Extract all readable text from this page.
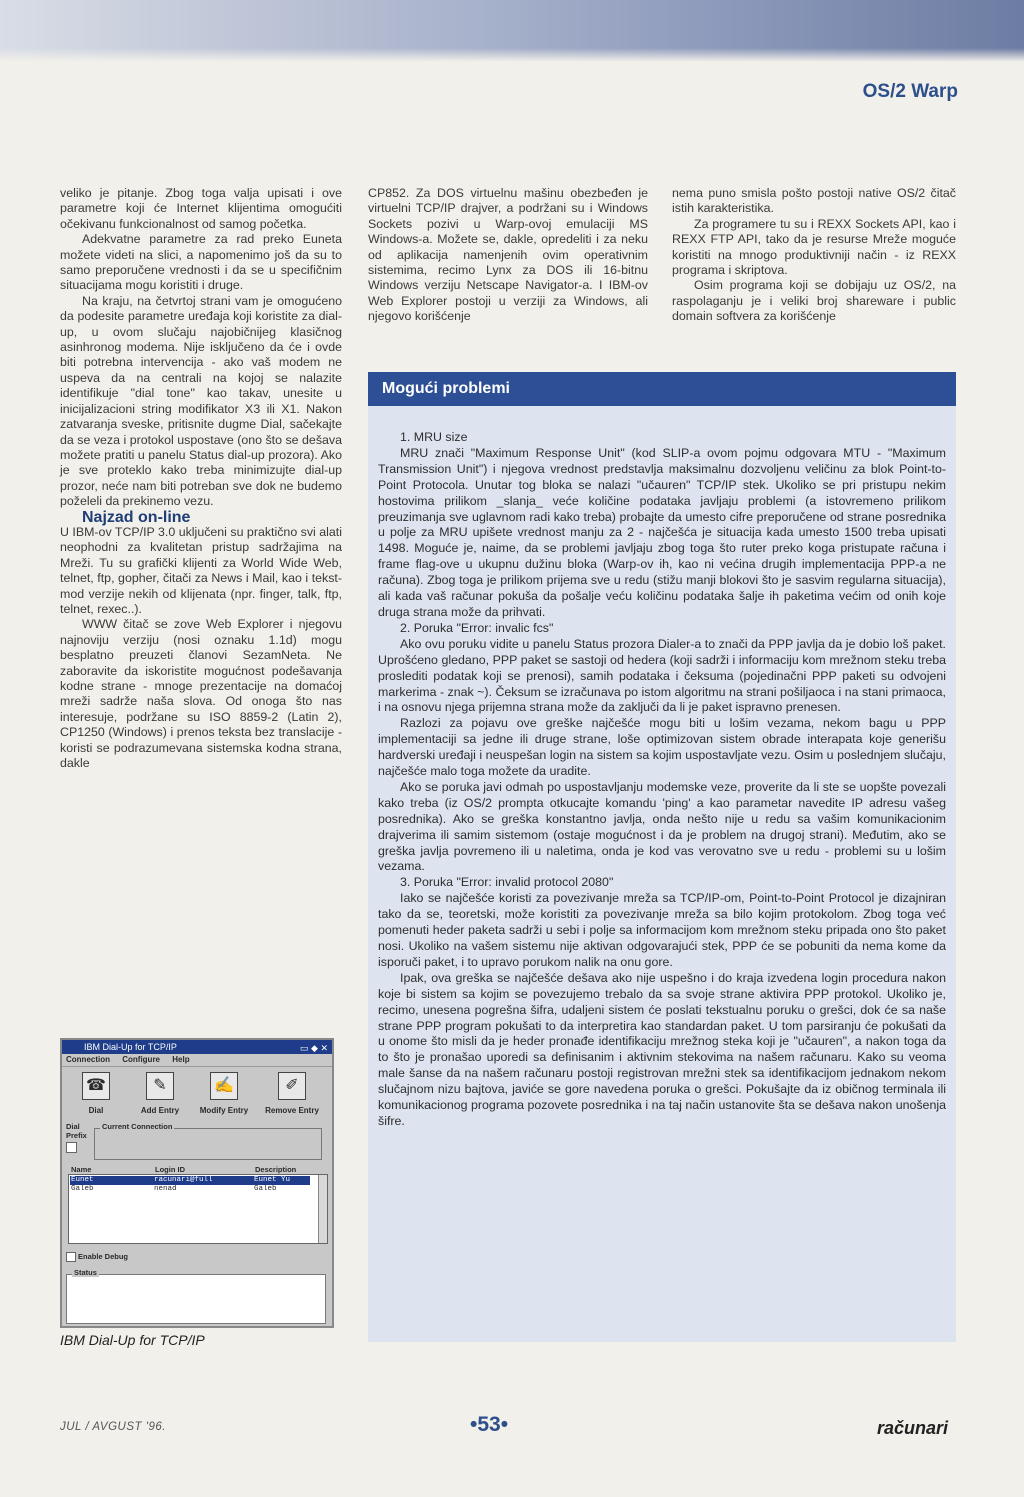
OS/2 Warp

veliko je pitanje. Zbog toga valja upisati i ove parametre koji će Internet klijentima omogućiti očekivanu funkcionalnost od samog početka.

Adekvatne parametre za rad preko Euneta možete videti na slici, a napomenimo još da su to samo preporučene vrednosti i da se u specifičnim situacijama mogu koristiti i druge.

Na kraju, na četvrtoj strani vam je omogućeno da podesite parametre uređaja koji koristite za dial-up, u ovom slučaju najobičnijeg klasičnog asinhronog modema. Nije isključeno da će i ovde biti potrebna intervencija - ako vaš modem ne uspeva da na centrali na kojoj se nalazite identifikuje "dial tone" kao takav, unesite u inicijalizacioni string modifikator X3 ili X1. Nakon zatvaranja sveske, pritisnite dugme Dial, sačekajte da se veza i protokol uspostave (ono što se dešava možete pratiti u panelu Status dial-up prozora). Ako je sve proteklo kako treba minimizujte dial-up prozor, neće nam biti potreban sve dok ne budemo poželeli da prekinemo vezu.

Najzad on-line

U IBM-ov TCP/IP 3.0 uključeni su praktično svi alati neophodni za kvalitetan pristup sadržajima na Mreži. Tu su grafički klijenti za World Wide Web, telnet, ftp, gopher, čitači za News i Mail, kao i tekst-mod verzije nekih od klijenata (npr. finger, talk, ftp, telnet, rexec..).

WWW čitač se zove Web Explorer i njegovu najnoviju verziju (nosi oznaku 1.1d) mogu besplatno preuzeti članovi SezamNeta. Ne zaboravite da iskoristite mogućnost podešavanja kodne strane - mnoge prezentacije na domaćoj mreži sadrže naša slova. Od onoga što nas interesuje, podržane su ISO 8859-2 (Latin 2), CP1250 (Windows) i prenos teksta bez translacije - koristi se podrazumevana sistemska kodna strana, dakle

CP852. Za DOS virtuelnu mašinu obezbeđen je virtuelni TCP/IP drajver, a podržani su i Windows Sockets pozivi u Warp-ovoj emulaciji MS Windows-a. Možete se, dakle, opredeliti i za neku od aplikacija namenjenih ovim operativnim sistemima, recimo Lynx za DOS ili 16-bitnu Windows verziju Netscape Navigator-a. I IBM-ov Web Explorer postoji u verziji za Windows, ali njegovo korišćenje

nema puno smisla pošto postoji native OS/2 čitač istih karakteristika.

Za programere tu su i REXX Sockets API, kao i REXX FTP API, tako da je resurse Mreže moguće koristiti na mnogo produktivniji način - iz REXX programa i skriptova.

Osim programa koji se dobijaju uz OS/2, na raspolaganju je i veliki broj shareware i public domain softvera za korišćenje

Mogući problemi

1. MRU size

MRU znači "Maximum Response Unit" (kod SLIP-a ovom pojmu odgovara MTU - "Maximum Transmission Unit") i njegova vrednost predstavlja maksimalnu dozvoljenu veličinu za blok Point-to-Point Protocola. Unutar tog bloka se nalazi "učauren" TCP/IP stek. Ukoliko se pri pristupu nekim hostovima prilikom _slanja_ veće količine podataka javljaju problemi (a istovremeno prilikom preuzimanja sve uglavnom radi kako treba) probajte da umesto cifre preporučene od strane posrednika u polje za MRU upišete vrednost manju za 2 - najčešća je situacija kada umesto 1500 treba upisati 1498. Moguće je, naime, da se problemi javljaju zbog toga što ruter preko koga pristupate računa i frame flag-ove u ukupnu dužinu bloka (Warp-ov ih, kao ni većina drugih implementacija PPP-a ne računa). Zbog toga je prilikom prijema sve u redu (stižu manji blokovi što je sasvim regularna situacija), ali kada vaš računar pokuša da pošalje veću količinu podataka šalje ih paketima većim od onih koje druga strana može da prihvati.

2. Poruka "Error: invalic fcs"

Ako ovu poruku vidite u panelu Status prozora Dialer-a to znači da PPP javlja da je dobio loš paket. Uprošćeno gledano, PPP paket se sastoji od hedera (koji sadrži i informaciju kom mrežnom steku treba proslediti podatak koji se prenosi), samih podataka i čeksuma (pojedinačni PPP paketi su odvojeni markerima - znak ~). Čeksum se izračunava po istom algoritmu na strani pošiljaoca i na stani primaoca, i na osnovu njega prijemna strana može da zaključi da li je paket ispravno prenesen.

Razlozi za pojavu ove greške najčešće mogu biti u lošim vezama, nekom bagu u PPP implementaciji sa jedne ili druge strane, loše optimizovan sistem obrade interapata koje generišu hardverski uređaji i neuspešan login na sistem sa kojim uspostavljate vezu. Osim u poslednjem slučaju, najčešće malo toga možete da uradite.

Ako se poruka javi odmah po uspostavljanju modemske veze, proverite da li ste se uopšte povezali kako treba (iz OS/2 prompta otkucajte komandu 'ping' a kao parametar navedite IP adresu vašeg posrednika). Ako se greška konstantno javlja, onda nešto nije u redu sa vašim komunikacionim drajverima ili samim sistemom (ostaje mogućnost i da je problem na drugoj strani). Međutim, ako se greška javlja povremeno ili u naletima, onda je kod vas verovatno sve u redu - problemi su u lošim vezama.

3. Poruka "Error: invalid protocol 2080"

Iako se najčešće koristi za povezivanje mreža sa TCP/IP-om, Point-to-Point Protocol je dizajniran tako da se, teoretski, može koristiti za povezivanje mreža sa bilo kojim protokolom. Zbog toga već pomenuti heder paketa sadrži u sebi i polje sa informacijom kom mrežnom steku pripada ono što paket nosi. Ukoliko na vašem sistemu nije aktivan odgovarajući stek, PPP će se pobuniti da nema kome da isporuči paket, i to upravo porukom nalik na onu gore.

Ipak, ova greška se najčešće dešava ako nije uspešno i do kraja izvedena login procedura nakon koje bi sistem sa kojim se povezujemo trebalo da sa svoje strane aktivira PPP protokol. Ukoliko je, recimo, unesena pogrešna šifra, udaljeni sistem će poslati tekstualnu poruku o grešci, dok će sa naše strane PPP program pokušati to da interpretira kao standardan paket. U tom parsiranju će pokušati da u onome što misli da je heder pronađe identifikaciju mrežnog steka koji je "učauren", a nakon toga da to što je pronašao uporedi sa definisanim i aktivnim stekovima na našem računaru. Kako su veoma male šanse da na našem računaru postoji registrovan mrežni stek sa identifikacijom jednakom nekom slučajnom nizu bajtova, javiće se gore navedena poruka o grešci. Pokušajte da iz običnog terminala ili komunikacionog programa pozovete posrednika i na taj način ustanovite šta se dešava nakon unošenja šifre.

IBM Dial-Up for TCP/IP	▭ ◆ ✕
Connection Configure Help
☎
Dial
✎
Add Entry
✍
Modify Entry
✐
Remove Entry
Dial
Prefix
Current Connection
Name	Login ID	Description
Eunet	racunari@full	Eunet Yu
Galeb	nenad	Galeb
Enable Debug
Status
IBM Dial-Up for TCP/IP
JUL / AVGUST '96.	•53•	računari
